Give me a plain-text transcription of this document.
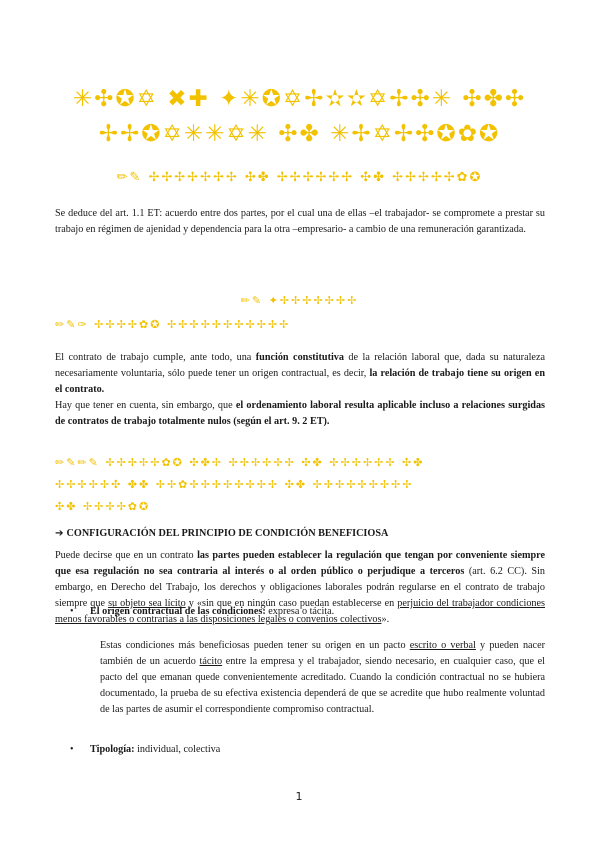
✳✣✪✡ ✖✚ ✦✳✪✡✢✫✫✡✢✣✳ ✣✤✣
✢✢✪✡✳✳✡✳ ✣✤ ✳✢✡✢✣✪✿✪
✏✎ ✢✢✢✢✢✢✢ ✣✤ ✢✢✢✢✢✢ ✣✤ ✢✢✢✢✢✿✪

Se deduce del art. 1.1 ET: acuerdo entre dos partes, por el cual una de ellas –el trabajador- se compromete a prestar su trabajo en régimen de ajenidad y dependencia para la otra –empresario- a cambio de una remuneración garantizada.

✏✎ ✦✢✢✢✢✢✢✢
✏✎✑ ✢✢✢✢✿✪ ✢✢✢✢✢✢✢✢✢✢✢

El contrato de trabajo cumple, ante todo, una función constitutiva de la relación laboral que, dada su naturaleza necesariamente voluntaria, sólo puede tener un origen contractual, es decir, la relación de trabajo tiene su origen en el contrato.

Hay que tener en cuenta, sin embargo, que el ordenamiento laboral resulta aplicable incluso a relaciones surgidas de contratos de trabajo totalmente nulos (según el art. 9. 2 ET).

✏✎✏✎ ✢✢✢✢✢✿✪ ✣✤✢ ✢✢✢✢✢✢ ✣✤ ✢✢✢✢✢✢ ✣✤
✢✢✢✢✢✣ ✤✤ ✢✢✿✢✢✢✢✢✢✢✢ ✣✤ ✢✢✢✢✢✢✢✢✢
✣✤ ✢✢✢✢✿✪
➔ CONFIGURACIÓN DEL PRINCIPIO DE CONDICIÓN BENEFICIOSA

Puede decirse que en un contrato las partes pueden establecer la regulación que tengan por conveniente siempre que esa regulación no sea contraria al interés o al orden público o perjudique a terceros (art. 6.2 CC). Sin embargo, en Derecho del Trabajo, los derechos y obligaciones laborales podrán regularse en el contrato de trabajo siempre que su objeto sea lícito y «sin que en ningún caso puedan establecerse en perjuicio del trabajador condiciones menos favorables o contrarias a las disposiciones legales o convenios colectivos».

• El origen contractual de las condiciones: expresa o tácita.

Estas condiciones más beneficiosas pueden tener su origen en un pacto escrito o verbal y pueden nacer también de un acuerdo tácito entre la empresa y el trabajador, siendo necesario, en cualquier caso, que el pacto del que emanan quede convenientemente acreditado. Cuando la condición contractual no se hubiera documentado, la prueba de su efectiva existencia dependerá de que se acredite que hubo realmente voluntad de las partes de asumir el correspondiente compromiso contractual.

• Tipología: individual, colectiva
1
